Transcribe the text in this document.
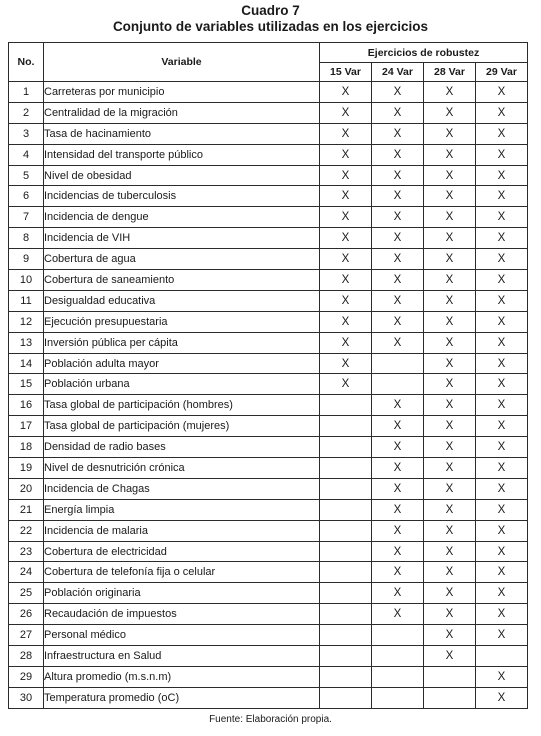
Cuadro 7
Conjunto de variables utilizadas en los ejercicios
No.	Variable	Ejercicios de robustez			
		15 Var	24 Var	28 Var	29 Var
1	Carreteras por municipio	X	X	X	X
2	Centralidad de la migración	X	X	X	X
3	Tasa de hacinamiento	X	X	X	X
4	Intensidad del transporte público	X	X	X	X
5	Nivel de obesidad	X	X	X	X
6	Incidencias de tuberculosis	X	X	X	X
7	Incidencia de dengue	X	X	X	X
8	Incidencia de VIH	X	X	X	X
9	Cobertura de agua	X	X	X	X
10	Cobertura de saneamiento	X	X	X	X
11	Desigualdad educativa	X	X	X	X
12	Ejecución presupuestaria	X	X	X	X
13	Inversión pública per cápita	X	X	X	X
14	Población adulta mayor	X		X	X
15	Población urbana	X		X	X
16	Tasa global de participación (hombres)		X	X	X
17	Tasa global de participación (mujeres)		X	X	X
18	Densidad de radio bases		X	X	X
19	Nivel de desnutrición crónica		X	X	X
20	Incidencia de Chagas		X	X	X
21	Energía limpia		X	X	X
22	Incidencia de malaria		X	X	X
23	Cobertura de electricidad		X	X	X
24	Cobertura de telefonía fija o celular		X	X	X
25	Población originaria		X	X	X
26	Recaudación de impuestos		X	X	X
27	Personal médico			X	X
28	Infraestructura en Salud			X	
29	Altura promedio (m.s.n.m)				X
30	Temperatura promedio (oC)				X
Fuente: Elaboración propia.
